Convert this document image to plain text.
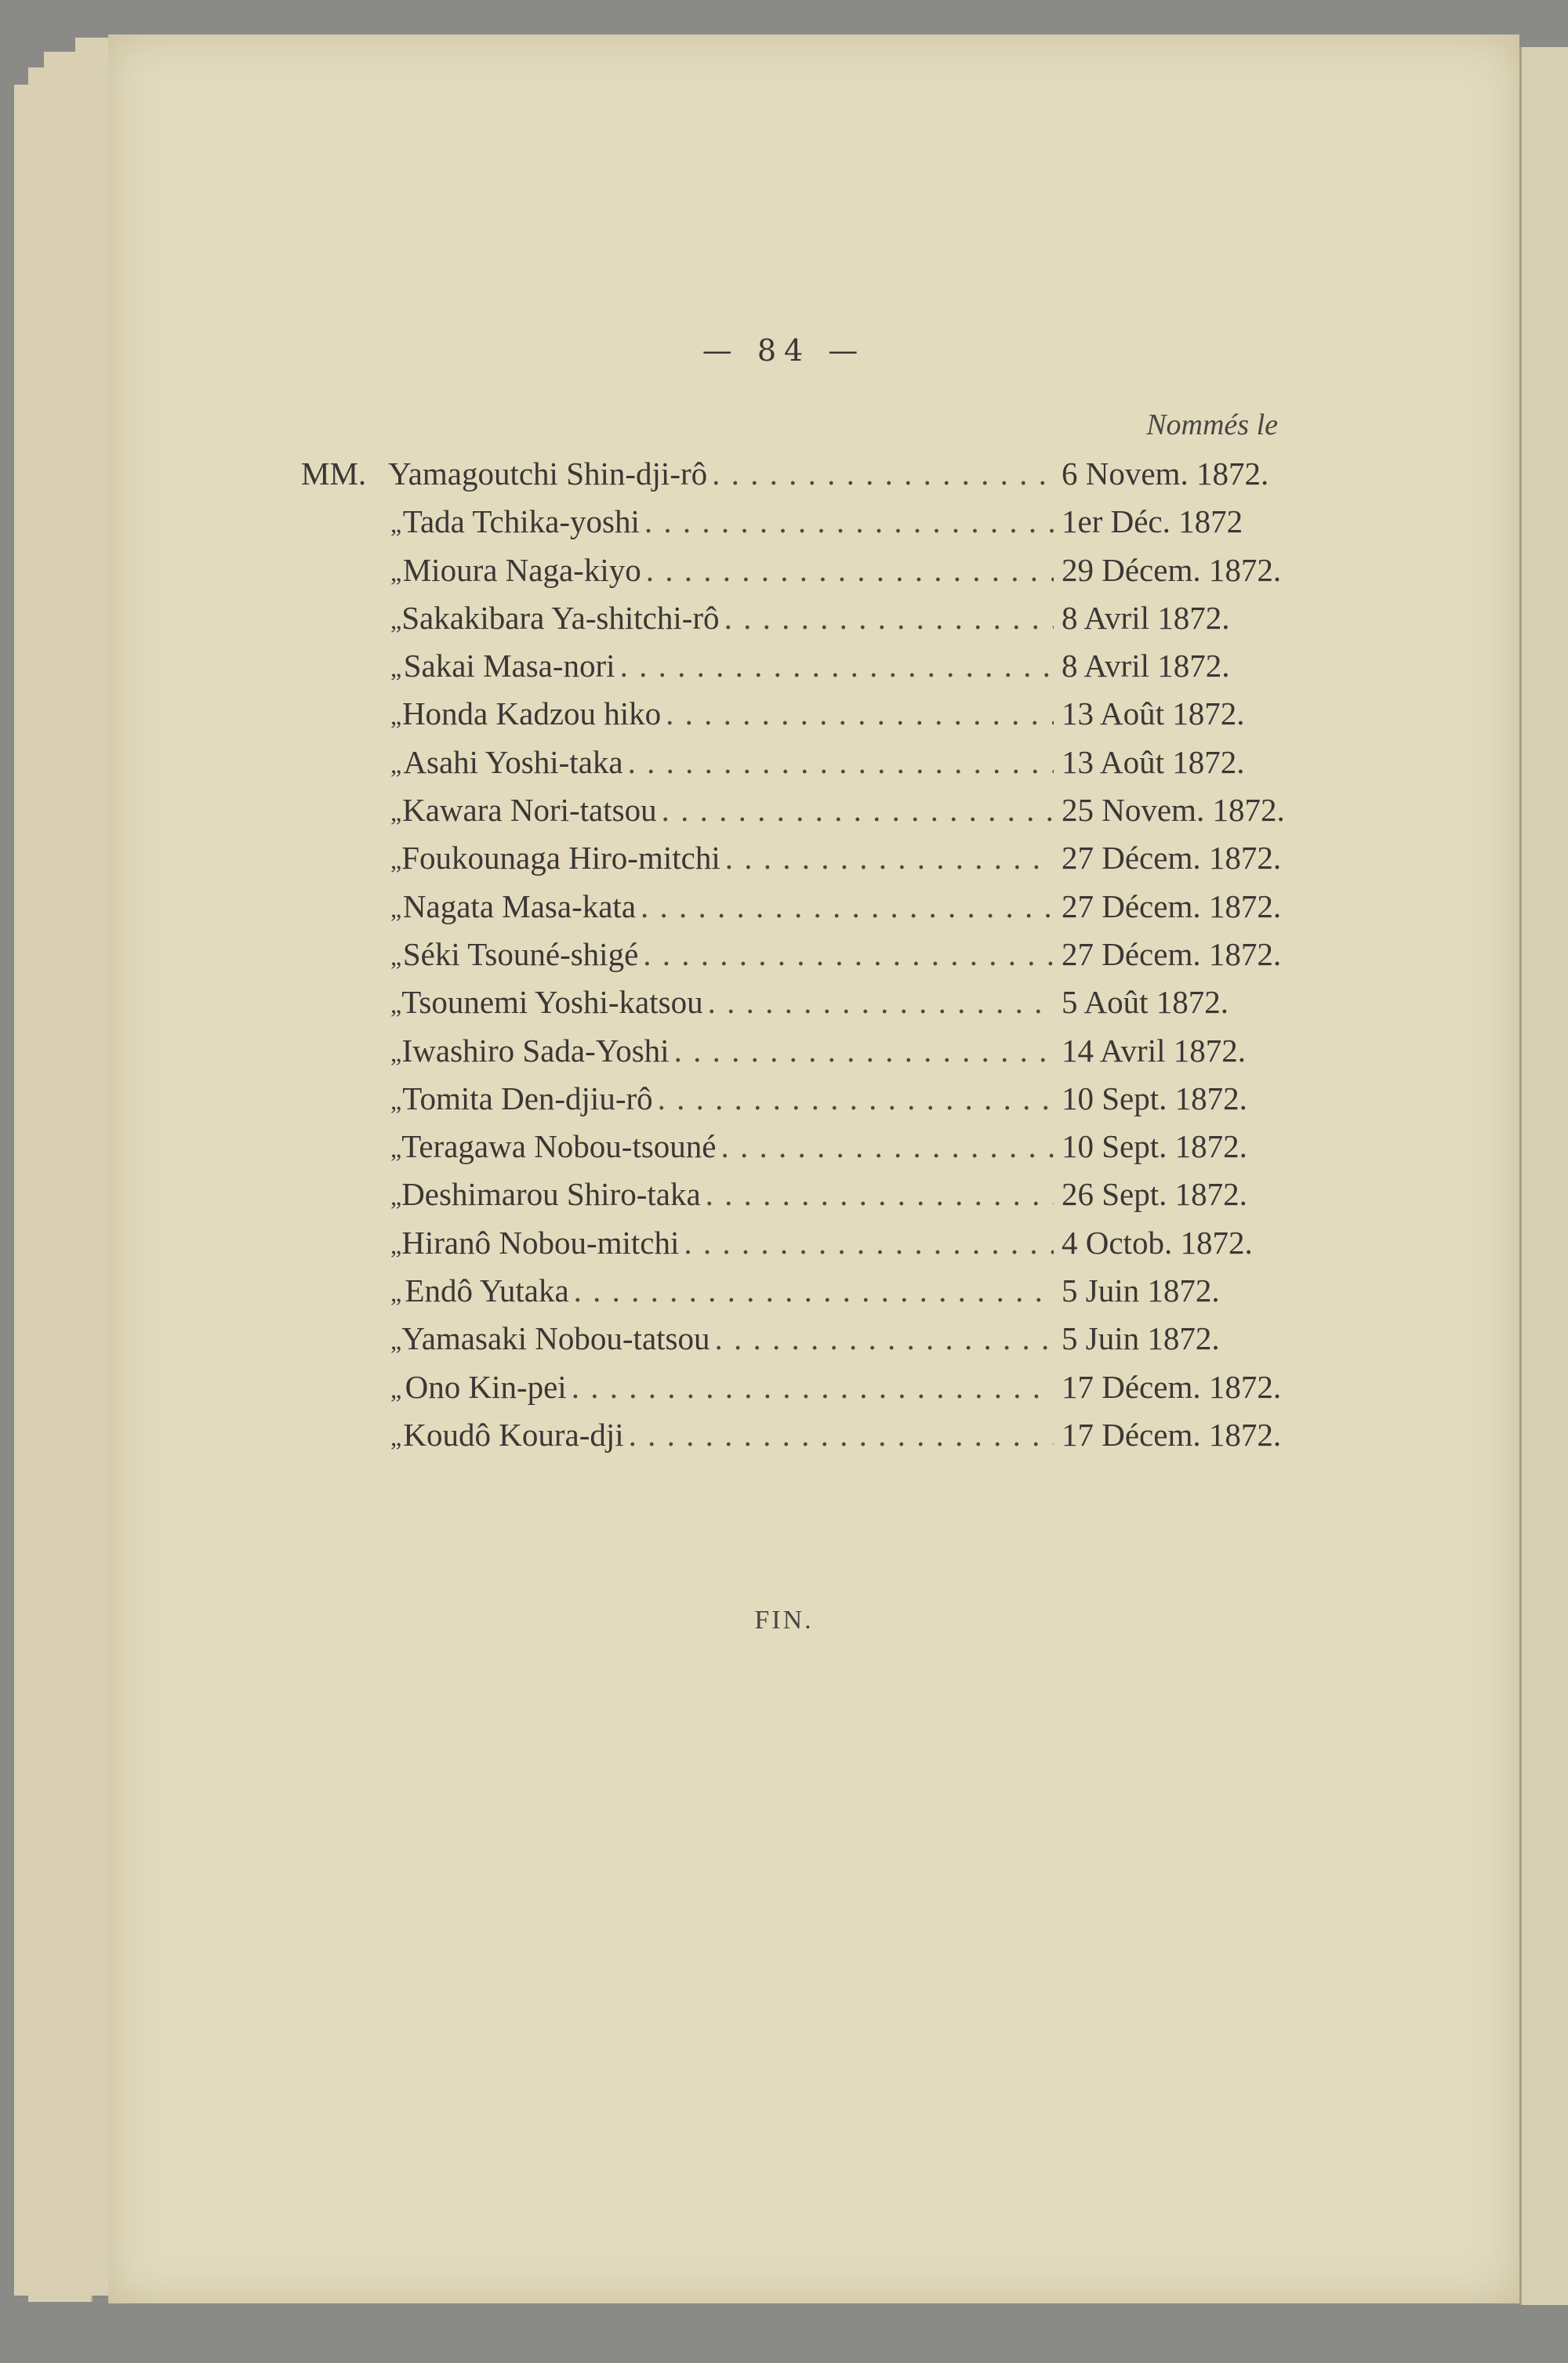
— 84 —
Nommés le
MM. Yamagoutchi Shin-dji-rô . . .	6 Novem. 1872.
„ Tada Tchika-yoshi . . .	1er Déc. 1872
„ Mioura Naga-kiyo . . .	29 Décem. 1872.
„ Sakakibara Ya-shitchi-rô . . .	8 Avril 1872.
„ Sakai Masa-nori . . .	8 Avril 1872.
„ Honda Kadzou hiko . . .	13 Août 1872.
„ Asahi Yoshi-taka . . .	13 Août 1872.
„ Kawara Nori-tatsou . . .	25 Novem. 1872.
„ Foukounaga Hiro-mitchi . . .	27 Décem. 1872.
„ Nagata Masa-kata . . .	27 Décem. 1872.
„ Séki Tsouné-shigé . . .	27 Décem. 1872.
„ Tsounemi Yoshi-katsou . . .	5 Août 1872.
„ Iwashiro Sada-Yoshi . . .	14 Avril 1872.
„ Tomita Den-djiu-rô . . .	10 Sept. 1872.
„ Teragawa Nobou-tsouné . . .	10 Sept. 1872.
„ Deshimarou Shiro-taka . . .	26 Sept. 1872.
„ Hiranô Nobou-mitchi . . .	4 Octob. 1872.
„ Endô Yutaka . . .	5 Juin 1872.
„ Yamasaki Nobou-tatsou . . .	5 Juin 1872.
„ Ono Kin-pei . . .	17 Décem. 1872.
„ Koudô Koura-dji . . .	17 Décem. 1872.
FIN.
